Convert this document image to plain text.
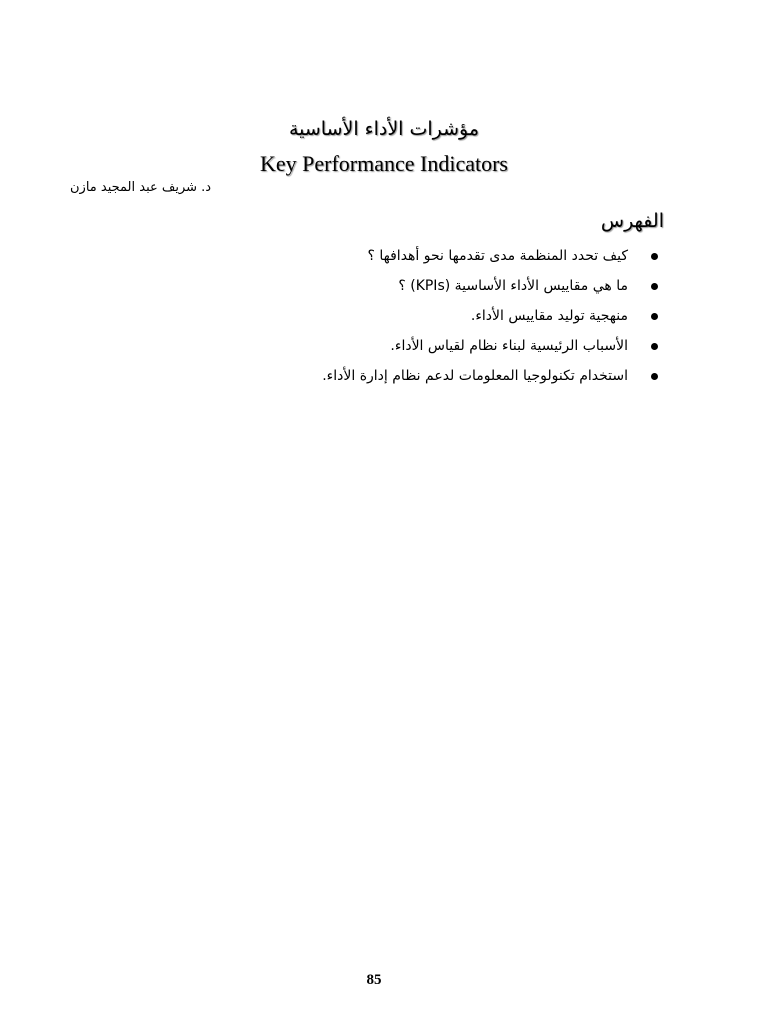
مؤشرات الأداء الأساسية
Key Performance Indicators
د. شريف عبد المجيد مازن
الفهرس
كيف تحدد المنظمة مدى تقدمها نحو أهدافها ؟
ما هي مقاييس الأداء الأساسية (KPIs) ؟
منهجية توليد مقاييس الأداء.
الأسباب الرئيسية لبناء نظام لقياس الأداء.
استخدام تكنولوجيا المعلومات لدعم نظام إدارة الأداء.
85
